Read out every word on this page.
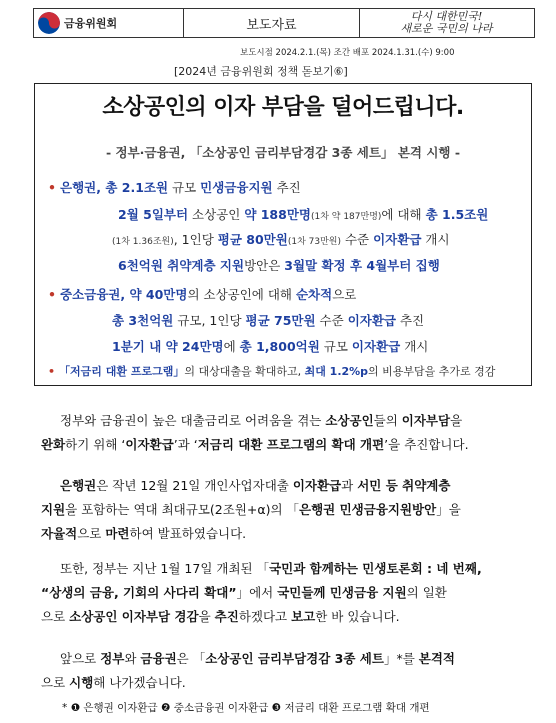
금융위원회	보도자료
다시 대한민국!
새로운 국민의 나라
보도시점 2024.2.1.(목) 조간 배포 2024.1.31.(수) 9:00
[2024년 금융위원회 정책 돋보기⑥]
소상공인의 이자 부담을 덜어드립니다.
- 정부·금융권, 「소상공인 금리부담경감 3종 세트」 본격 시행 -
• 은행권, 총 2.1조원 규모 민생금융지원 추진
2월 5일부터 소상공인 약 188만명(1차 약 187만명)에 대해 총 1.5조원
(1차 1.36조원), 1인당 평균 80만원(1차 73만원) 수준 이자환급 개시
6천억원 취약계층 지원방안은 3월말 확정 후 4월부터 집행
• 중소금융권, 약 40만명의 소상공인에 대해 순차적으로
총 3천억원 규모, 1인당 평균 75만원 수준 이자환급 추진
1분기 내 약 24만명에 총 1,800억원 규모 이자환급 개시
• 「저금리 대환 프로그램」의 대상대출을 확대하고, 최대 1.2%p의 비용부담을 추가로 경감
정부와 금융권이 높은 대출금리로 어려움을 겪는 소상공인들의 이자부담을
완화하기 위해 ‘이자환급’과 ‘저금리 대환 프로그램의 확대 개편’을 추진합니다.
은행권은 작년 12월 21일 개인사업자대출 이자환급과 서민 등 취약계층
지원을 포함하는 역대 최대규모(2조원+α)의 「은행권 민생금융지원방안」을
자율적으로 마련하여 발표하였습니다.
또한, 정부는 지난 1월 17일 개최된 「국민과 함께하는 민생토론회 : 네 번째,
“상생의 금융, 기회의 사다리 확대”」에서 국민들께 민생금융 지원의 일환
으로 소상공인 이자부담 경감을 추진하겠다고 보고한 바 있습니다.
앞으로 정부와 금융권은 「소상공인 금리부담경감 3종 세트」*를 본격적
으로 시행해 나가겠습니다.
* ❶ 은행권 이자환급 ❷ 중소금융권 이자환급 ❸ 저금리 대환 프로그램 확대 개편
